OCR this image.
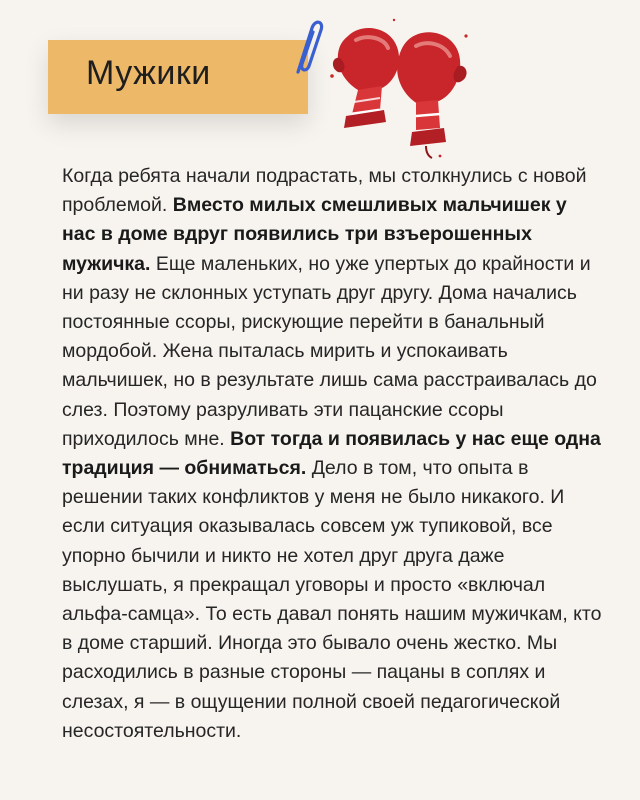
Мужики
Когда ребята начали подрастать, мы столкнулись с новой проблемой. Вместо милых смешливых мальчишек у нас в доме вдруг появились три взъерошенных мужичка. Еще маленьких, но уже упертых до крайности и ни разу не склонных уступать друг другу. Дома начались постоянные ссоры, рискующие перейти в банальный мордобой. Жена пыталась мирить и успокаивать мальчишек, но в результате лишь сама расстраивалась до слез. Поэтому разруливать эти пацанские ссоры приходилось мне. Вот тогда и появилась у нас еще одна традиция — обниматься. Дело в том, что опыта в решении таких конфликтов у меня не было никакого. И если ситуация оказывалась совсем уж тупиковой, все упорно бычили и никто не хотел друг друга даже выслушать, я прекращал уговоры и просто «включал альфа-самца». То есть давал понять нашим мужичкам, кто в доме старший. Иногда это бывало очень жестко. Мы расходились в разные стороны — пацаны в соплях и слезах, я — в ощущении полной своей педагогической несостоятельности.
